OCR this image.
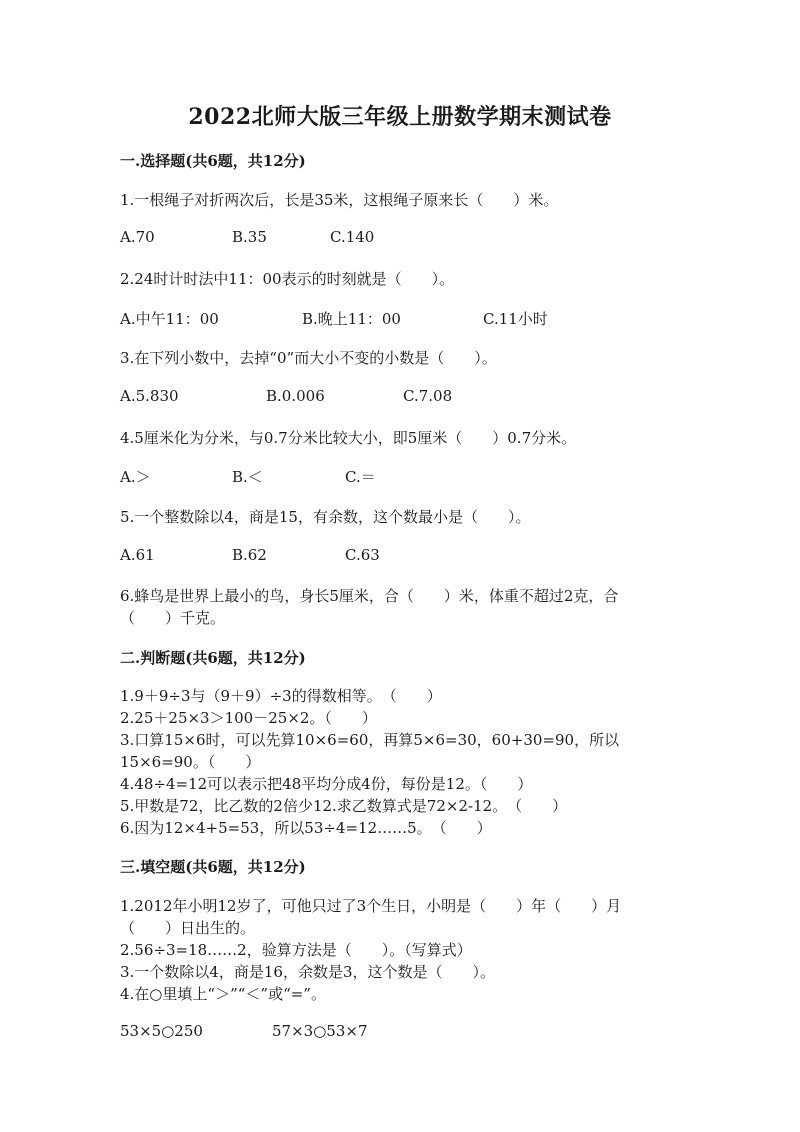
2022北师大版三年级上册数学期末测试卷
一.选择题(共6题，共12分)
1.一根绳子对折两次后，长是35米，这根绳子原来长（　　）米。
A.70	B.35	C.140
2.24时计时法中11：00表示的时刻就是（　　）。
A.中午11：00	B.晚上11：00	C.11小时
3.在下列小数中，去掉“0”而大小不变的小数是（　　）。
A.5.830	B.0.006	C.7.08
4.5厘米化为分米，与0.7分米比较大小，即5厘米（　　）0.7分米。
A.＞	B.＜	C.＝
5.一个整数除以4，商是15，有余数，这个数最小是（　　）。
A.61	B.62	C.63
6.蜂鸟是世界上最小的鸟，身长5厘米，合（　　）米，体重不超过2克，合
（　　）千克。
二.判断题(共6题，共12分)
1.9＋9÷3与（9＋9）÷3的得数相等。　（　　）
2.25＋25×3＞100－25×2。（　　）
3.口算15×6时，可以先算10×6=60，再算5×6=30，60+30=90，所以
15×6=90。（　　）
4.48÷4=12可以表示把48平均分成4份，每份是12。（　　）
5.甲数是72，比乙数的2倍少12.求乙数算式是72×2-12。　（　　）
6.因为12×4+5=53，所以53÷4=12……5。　（　　）
三.填空题(共6题，共12分)
1.2012年小明12岁了，可他只过了3个生日，小明是（　　）年（　　）月
（　　）日出生的。
2.56÷3=18……2，验算方法是（　　）。（写算式）
3.一个数除以4，商是16，余数是3，这个数是（　　）。
4.在○里填上“＞”“＜”或“=”。
53×5○250	57×3○53×7
